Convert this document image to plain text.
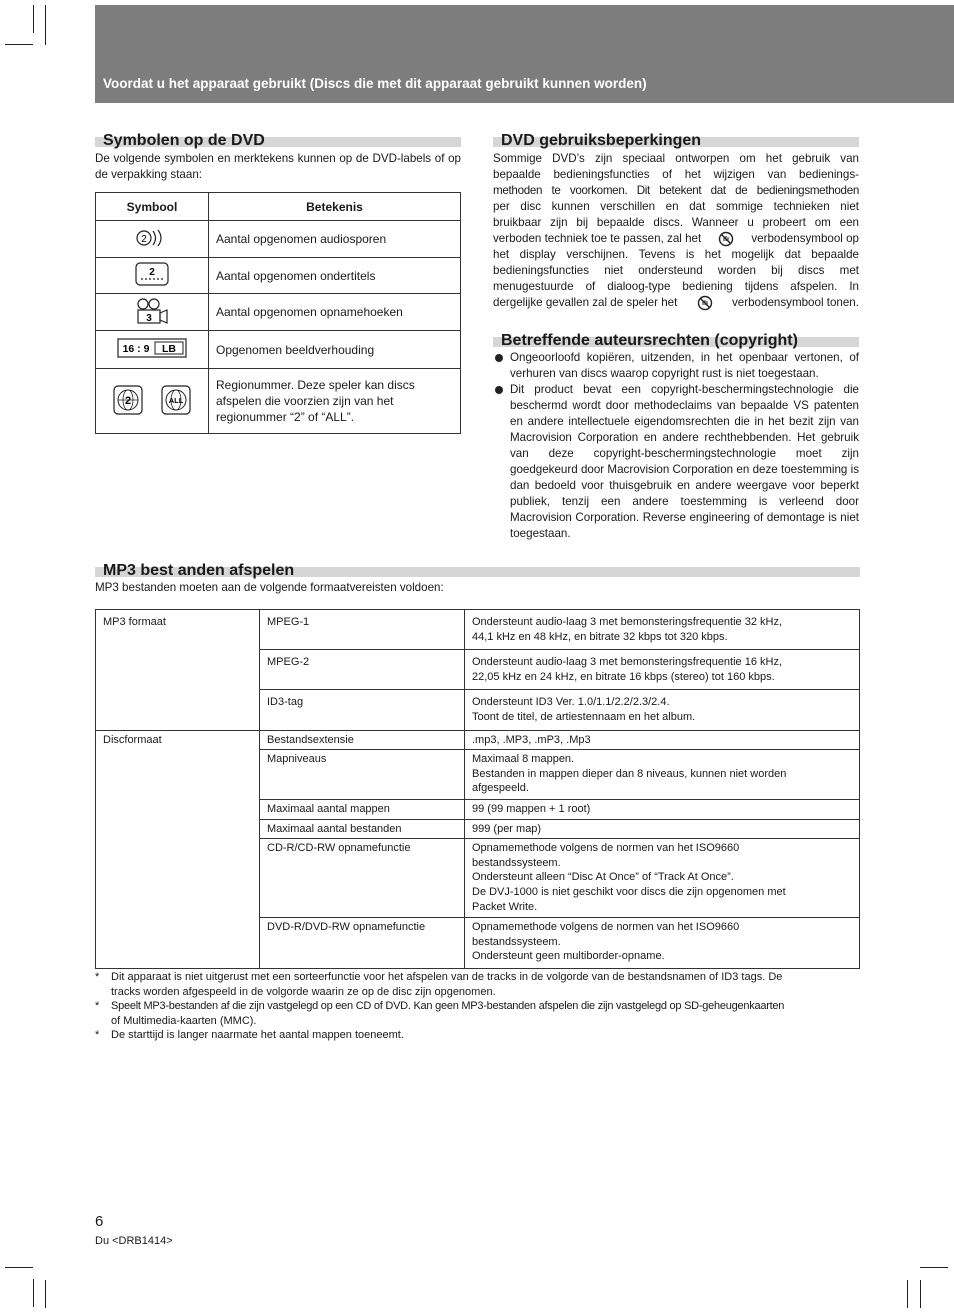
Voordat u het apparaat gebruikt (Discs die met dit apparaat gebruikt kunnen worden)
Symbolen op de DVD
De volgende symbolen en merktekens kunnen op de DVD-labels of op de verpakking staan:
Symbool	Betekenis

2	Aantal opgenomen audiosporen

2	Aantal opgenomen ondertitels

3	Aantal opgenomen opnamehoeken

16 : 9 LB	Opgenomen beeldverhouding

2
ALL	Regionummer. Deze speler kan discs afspelen die voorzien zijn van het regionummer “2” of “ALL”.
DVD gebruiksbeperkingen
Sommige DVD’s zijn speciaal ontworpen om het gebruik van
bepaalde bedieningsfuncties of het wijzigen van bedienings-
methoden te voorkomen. Dit betekent dat de bedieningsmethoden
per disc kunnen verschillen en dat sommige technieken niet
bruikbaar zijn bij bepaalde discs. Wanneer u probeert om een
verboden techniek toe te passen, zal het	verbodensymbool op
het display verschijnen. Tevens is het mogelijk dat bepaalde
bedieningsfuncties niet ondersteund worden bij discs met
menugestuurde of dialoog-type bediening tijdens afspelen. In
dergelijke gevallen zal de speler het	verbodensymbool tonen.
Betreffende auteursrechten (copyright)
Ongeoorloofd kopiëren, uitzenden, in het openbaar vertonen, of verhuren van discs waarop copyright rust is niet toegestaan.
Dit product bevat een copyright-beschermingstechnologie die beschermd wordt door methodeclaims van bepaalde VS patenten en andere intellectuele eigendomsrechten die in het bezit zijn van Macrovision Corporation en andere rechthebbenden. Het gebruik van deze copyright-beschermingstechnologie moet zijn goedgekeurd door Macrovision Corporation en deze toestemming is dan bedoeld voor thuisgebruik en andere weergave voor beperkt publiek, tenzij een andere toestemming is verleend door Macrovision Corporation. Reverse engineering of demontage is niet toegestaan.
MP3 best anden afspelen
MP3 bestanden moeten aan de volgende formaatvereisten voldoen:
MP3 formaat	MPEG-1	Ondersteunt audio-laag 3 met bemonsteringsfrequentie 32 kHz,
44,1 kHz en 48 kHz, en bitrate 32 kbps tot 320 kbps.

	MPEG-2	Ondersteunt audio-laag 3 met bemonsteringsfrequentie 16 kHz,
22,05 kHz en 24 kHz, en bitrate 16 kbps (stereo) tot 160 kbps.

	ID3-tag	Ondersteunt ID3 Ver. 1.0/1.1/2.2/2.3/2.4.
Toont de titel, de artiestennaam en het album.

Discformaat	Bestandsextensie	.mp3, .MP3, .mP3, .Mp3

	Mapniveaus	Maximaal 8 mappen.
Bestanden in mappen dieper dan 8 niveaus, kunnen niet worden
afgespeeld.

	Maximaal aantal mappen	99 (99 mappen + 1 root)

	Maximaal aantal bestanden	999 (per map)

	CD-R/CD-RW opnamefunctie	Opnamemethode volgens de normen van het ISO9660
bestandssysteem.
Ondersteunt alleen “Disc At Once” of “Track At Once”.
De DVJ-1000 is niet geschikt voor discs die zijn opgenomen met
Packet Write.

	DVD-R/DVD-RW opnamefunctie	Opnamemethode volgens de normen van het ISO9660
bestandssysteem.
Ondersteunt geen multiborder-opname.
* Dit apparaat is niet uitgerust met een sorteerfunctie voor het afspelen van de tracks in de volgorde van de bestandsnamen of ID3 tags. De
tracks worden afgespeeld in de volgorde waarin ze op de disc zijn opgenomen.
* Speelt MP3-bestanden af die zijn vastgelegd op een CD of DVD. Kan geen MP3-bestanden afspelen die zijn vastgelegd op SD-geheugenkaarten
of Multimedia-kaarten (MMC).
* De starttijd is langer naarmate het aantal mappen toeneemt.
6
Du <DRB1414>
